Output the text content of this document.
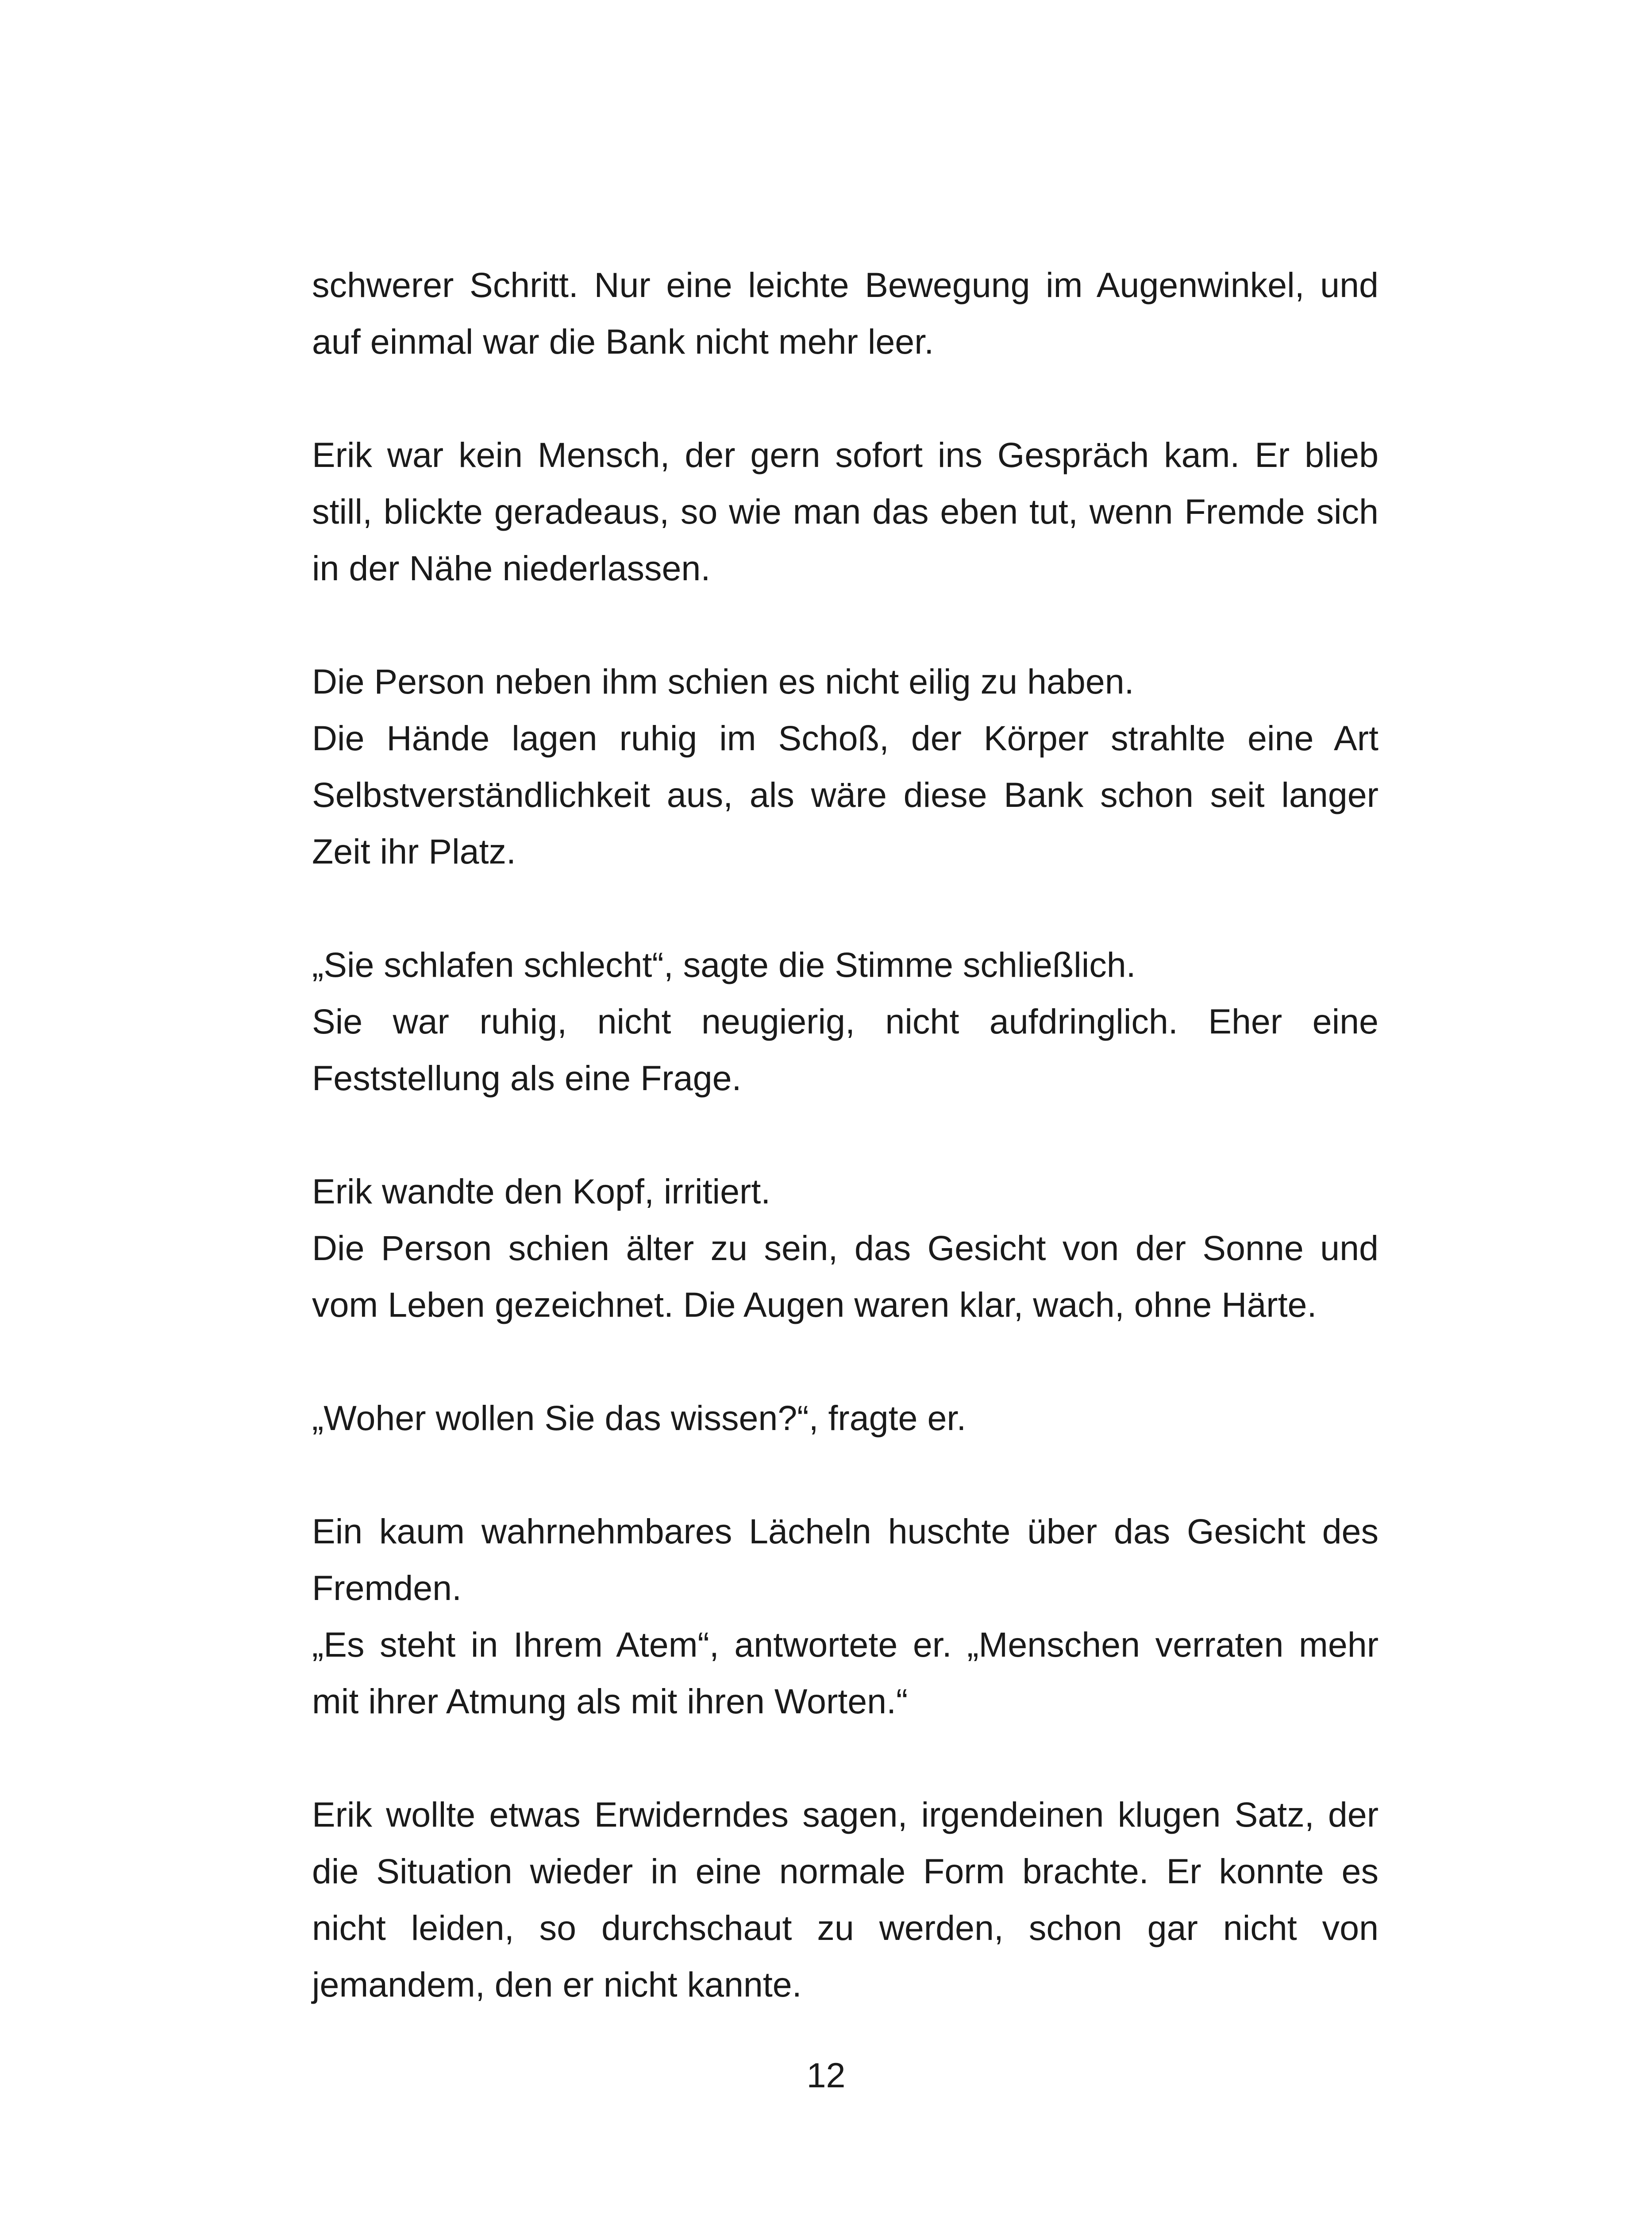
schwerer Schritt. Nur eine leichte Bewegung im Augenwinkel, und auf einmal war die Bank nicht mehr leer.

Erik war kein Mensch, der gern sofort ins Gespräch kam. Er blieb still, blickte geradeaus, so wie man das eben tut, wenn Fremde sich in der Nähe niederlassen.

Die Person neben ihm schien es nicht eilig zu haben.
Die Hände lagen ruhig im Schoß, der Körper strahlte eine Art Selbstverständlichkeit aus, als wäre diese Bank schon seit langer Zeit ihr Platz.

„Sie schlafen schlecht“, sagte die Stimme schließlich.
Sie war ruhig, nicht neugierig, nicht aufdringlich. Eher eine Feststellung als eine Frage.

Erik wandte den Kopf, irritiert.
Die Person schien älter zu sein, das Gesicht von der Sonne und vom Leben gezeichnet. Die Augen waren klar, wach, ohne Härte.

„Woher wollen Sie das wissen?“, fragte er.

Ein kaum wahrnehmbares Lächeln huschte über das Gesicht des Fremden.
„Es steht in Ihrem Atem“, antwortete er. „Menschen verraten mehr mit ihrer Atmung als mit ihren Worten.“

Erik wollte etwas Erwiderndes sagen, irgendeinen klugen Satz, der die Situation wieder in eine normale Form brachte. Er konnte es nicht leiden, so durchschaut zu werden, schon gar nicht von jemandem, den er nicht kannte.

12
